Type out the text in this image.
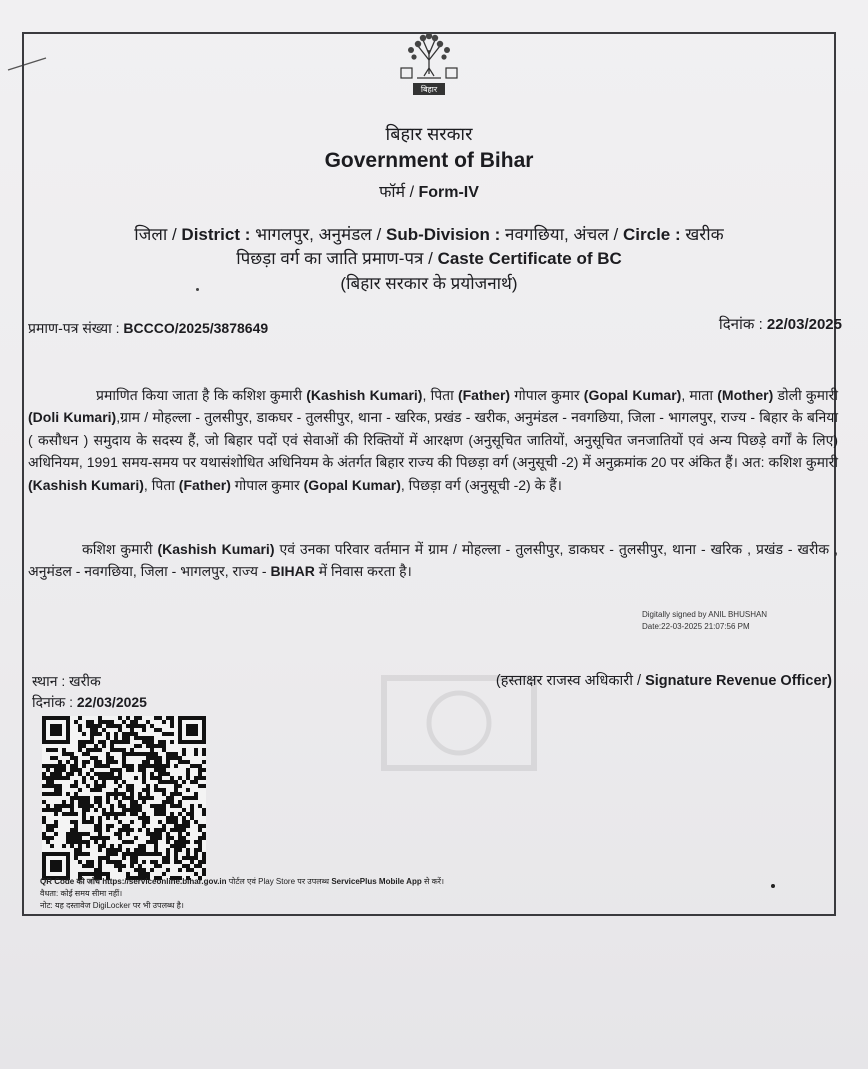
बिहार
बिहार सरकार
Government of Bihar
फॉर्म / Form-IV
जिला / District : भागलपुर, अनुमंडल / Sub-Division : नवगछिया, अंचल / Circle : खरीक
पिछड़ा वर्ग का जाति प्रमाण-पत्र / Caste Certificate of BC
(बिहार सरकार के प्रयोजनार्थ)
प्रमाण-पत्र संख्या : BCCCO/2025/3878649	दिनांक : 22/03/2025
प्रमाणित किया जाता है कि कशिश कुमारी (Kashish Kumari), पिता (Father) गोपाल कुमार (Gopal Kumar), माता (Mother) डोली कुमारी (Doli Kumari),ग्राम / मोहल्ला - तुलसीपुर, डाकघर - तुलसीपुर, थाना - खरिक, प्रखंड - खरीक, अनुमंडल - नवगछिया, जिला - भागलपुर, राज्य - बिहार के बनिया ( कसौधन ) समुदाय के सदस्य हैं, जो बिहार पदों एवं सेवाओं की रिक्तियों में आरक्षण (अनुसूचित जातियों, अनुसूचित जनजातियों एवं अन्य पिछड़े वर्गों के लिए) अधिनियम, 1991 समय-समय पर यथासंशोधित अधिनियम के अंतर्गत बिहार राज्य की पिछड़ा वर्ग (अनुसूची -2) में अनुक्रमांक 20 पर अंकित हैं। अत: कशिश कुमारी (Kashish Kumari), पिता (Father) गोपाल कुमार (Gopal Kumar), पिछड़ा वर्ग (अनुसूची -2) के हैं।
कशिश कुमारी (Kashish Kumari) एवं उनका परिवार वर्तमान में ग्राम / मोहल्ला - तुलसीपुर, डाकघर - तुलसीपुर, थाना - खरिक , प्रखंड - खरीक , अनुमंडल - नवगछिया, जिला - भागलपुर, राज्य - BIHAR में निवास करता है।
Digitally signed by ANIL BHUSHAN
Date:22-03-2025 21:07:56 PM
स्थान : खरीक
दिनांक : 22/03/2025
(हस्ताक्षर राजस्व अधिकारी / Signature Revenue Officer)
QR Code की जाँच https://serviceonline.bihar.gov.in पोर्टल एवं Play Store पर उपलब्ध ServicePlus Mobile App से करें।
वैधता: कोई समय सीमा नहीं।
नोट: यह दस्तावेज DigiLocker पर भी उपलब्ध है।
